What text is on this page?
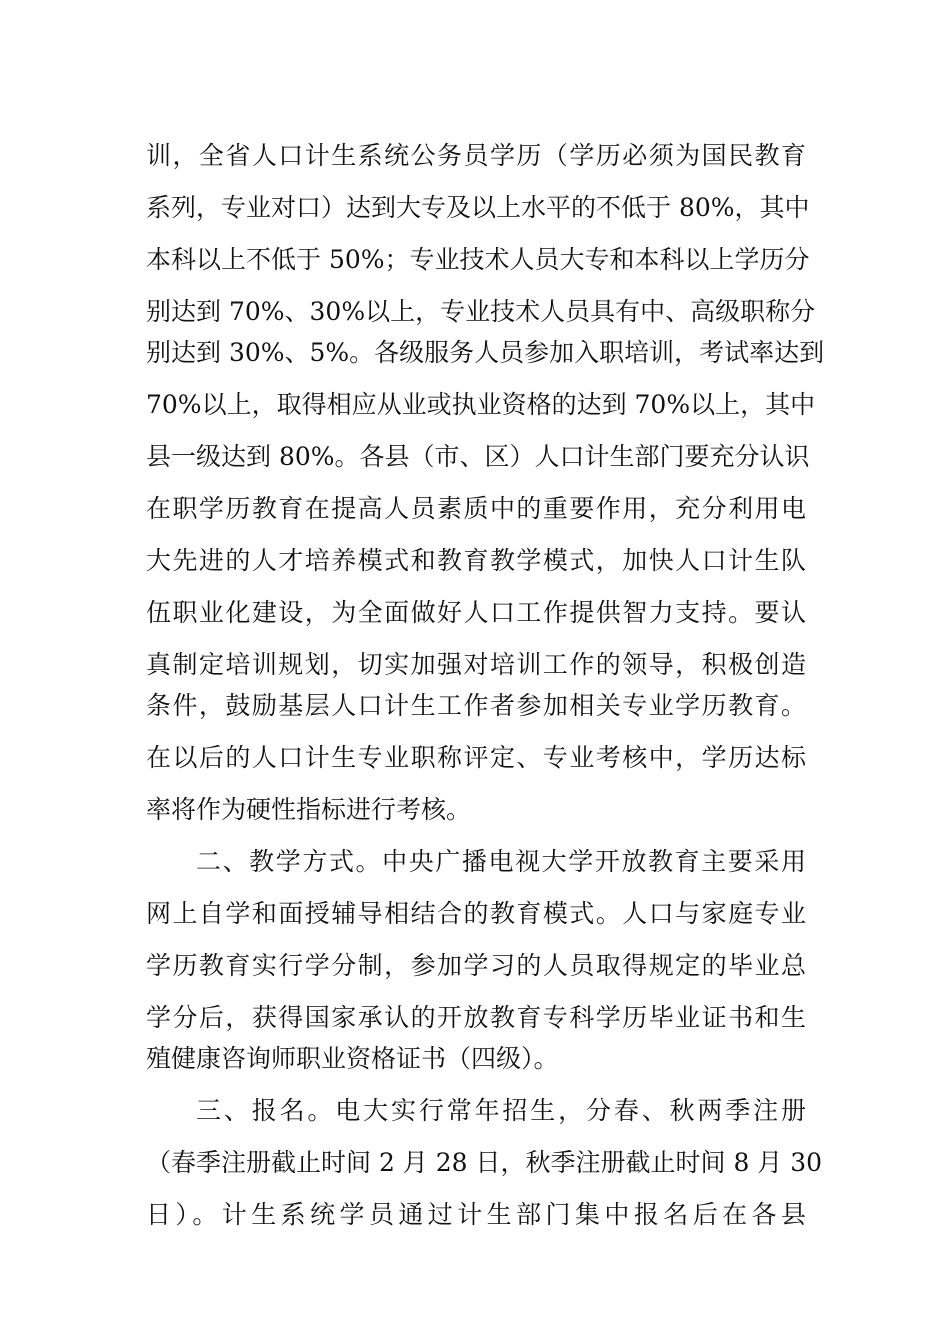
训，全省人口计生系统公务员学历（学历必须为国民教育
系列，专业对口）达到大专及以上水平的不低于 80%，其中
本科以上不低于 50%；专业技术人员大专和本科以上学历分
别达到 70%、30%以上，专业技术人员具有中、高级职称分
别达到 30%、5%。各级服务人员参加入职培训，考试率达到
70%以上，取得相应从业或执业资格的达到 70%以上，其中
县一级达到 80%。各县（市、区）人口计生部门要充分认识
在职学历教育在提高人员素质中的重要作用，充分利用电
大先进的人才培养模式和教育教学模式，加快人口计生队
伍职业化建设，为全面做好人口工作提供智力支持。要认
真制定培训规划，切实加强对培训工作的领导，积极创造
条件，鼓励基层人口计生工作者参加相关专业学历教育。
在以后的人口计生专业职称评定、专业考核中，学历达标
率将作为硬性指标进行考核。
二、教学方式。中央广播电视大学开放教育主要采用
网上自学和面授辅导相结合的教育模式。人口与家庭专业
学历教育实行学分制，参加学习的人员取得规定的毕业总
学分后，获得国家承认的开放教育专科学历毕业证书和生
殖健康咨询师职业资格证书（四级）。
三、报名。电大实行常年招生，分春、秋两季注册
（春季注册截止时间 2 月 28 日，秋季注册截止时间 8 月 30
日）。计生系统学员通过计生部门集中报名后在各县
